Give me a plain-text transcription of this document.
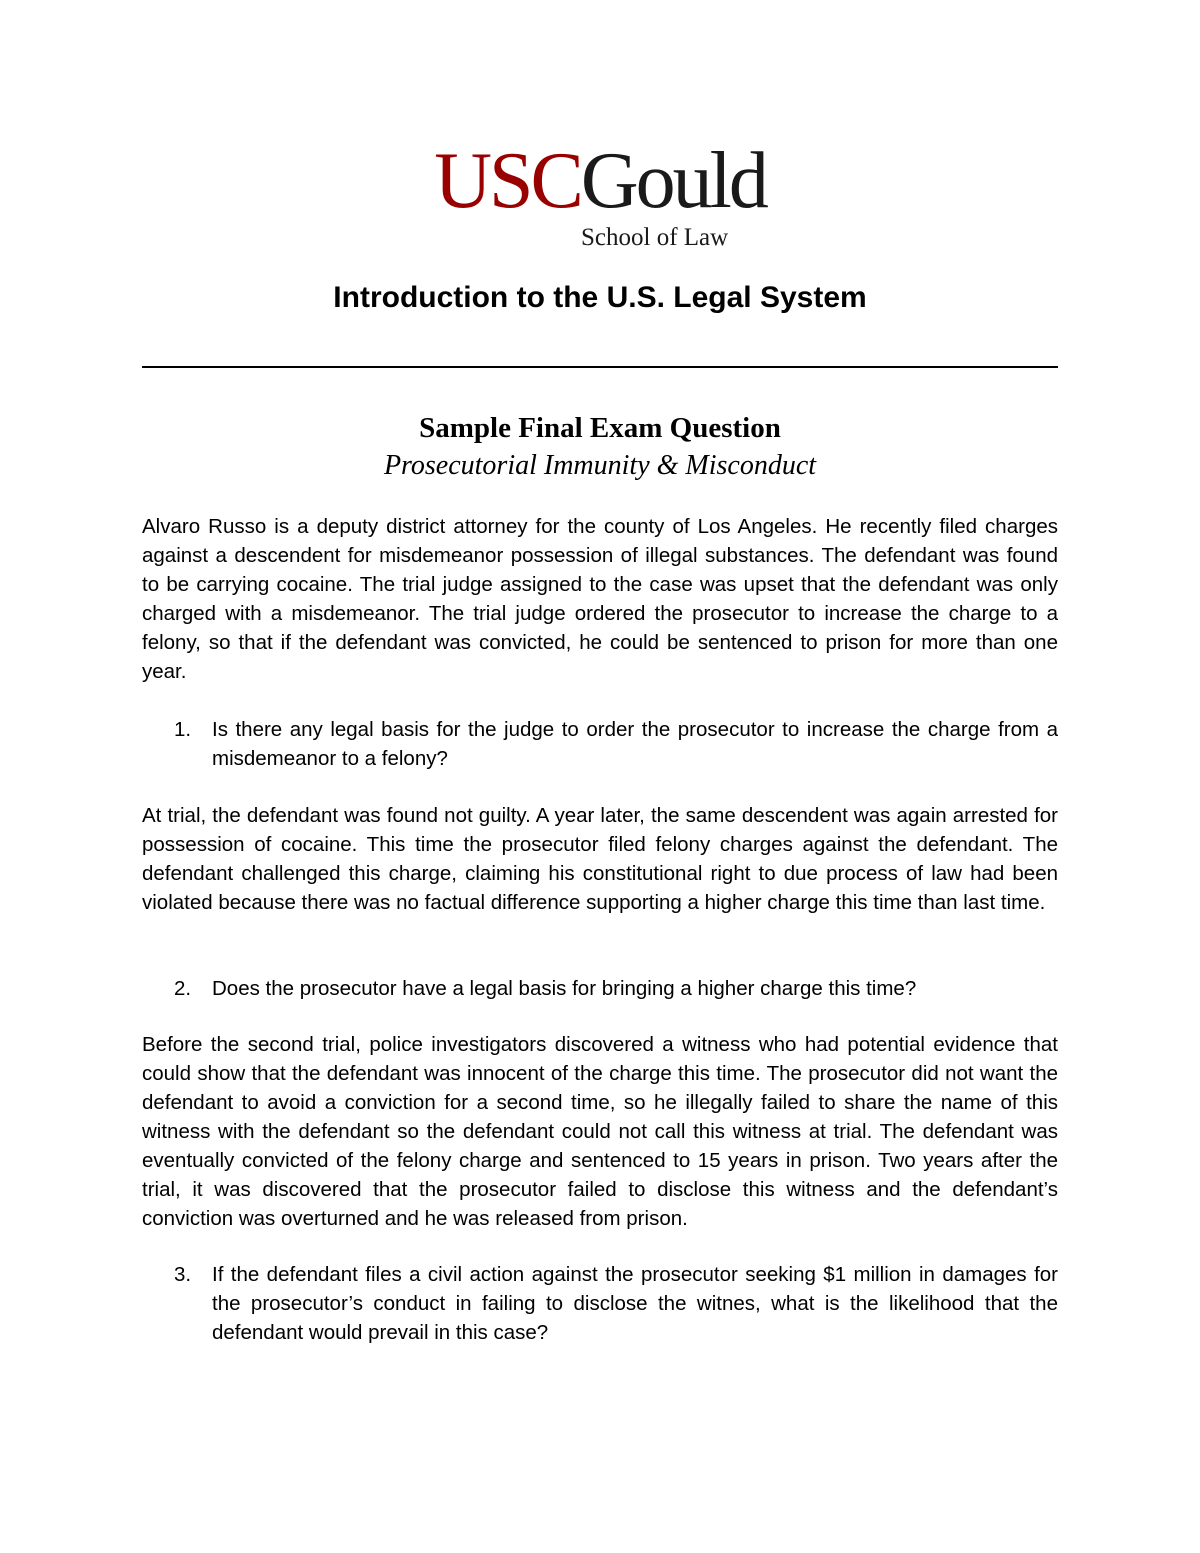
USCGould
School of Law
Introduction to the U.S. Legal System
Sample Final Exam Question
Prosecutorial Immunity & Misconduct

Alvaro Russo is a deputy district attorney for the county of Los Angeles. He recently filed charges against a descendent for misdemeanor possession of illegal substances. The defendant was found to be carrying cocaine. The trial judge assigned to the case was upset that the defendant was only charged with a misdemeanor. The trial judge ordered the prosecutor to increase the charge to a felony, so that if the defendant was convicted, he could be sentenced to prison for more than one year.

1. Is there any legal basis for the judge to order the prosecutor to increase the charge from a misdemeanor to a felony?

At trial, the defendant was found not guilty. A year later, the same descendent was again arrested for possession of cocaine. This time the prosecutor filed felony charges against the defendant. The defendant challenged this charge, claiming his constitutional right to due process of law had been violated because there was no factual difference supporting a higher charge this time than last time.

2. Does the prosecutor have a legal basis for bringing a higher charge this time?

Before the second trial, police investigators discovered a witness who had potential evidence that could show that the defendant was innocent of the charge this time. The prosecutor did not want the defendant to avoid a conviction for a second time, so he illegally failed to share the name of this witness with the defendant so the defendant could not call this witness at trial. The defendant was eventually convicted of the felony charge and sentenced to 15 years in prison. Two years after the trial, it was discovered that the prosecutor failed to disclose this witness and the defendant’s conviction was overturned and he was released from prison.

3. If the defendant files a civil action against the prosecutor seeking $1 million in damages for the prosecutor’s conduct in failing to disclose the witnes, what is the likelihood that the defendant would prevail in this case?
